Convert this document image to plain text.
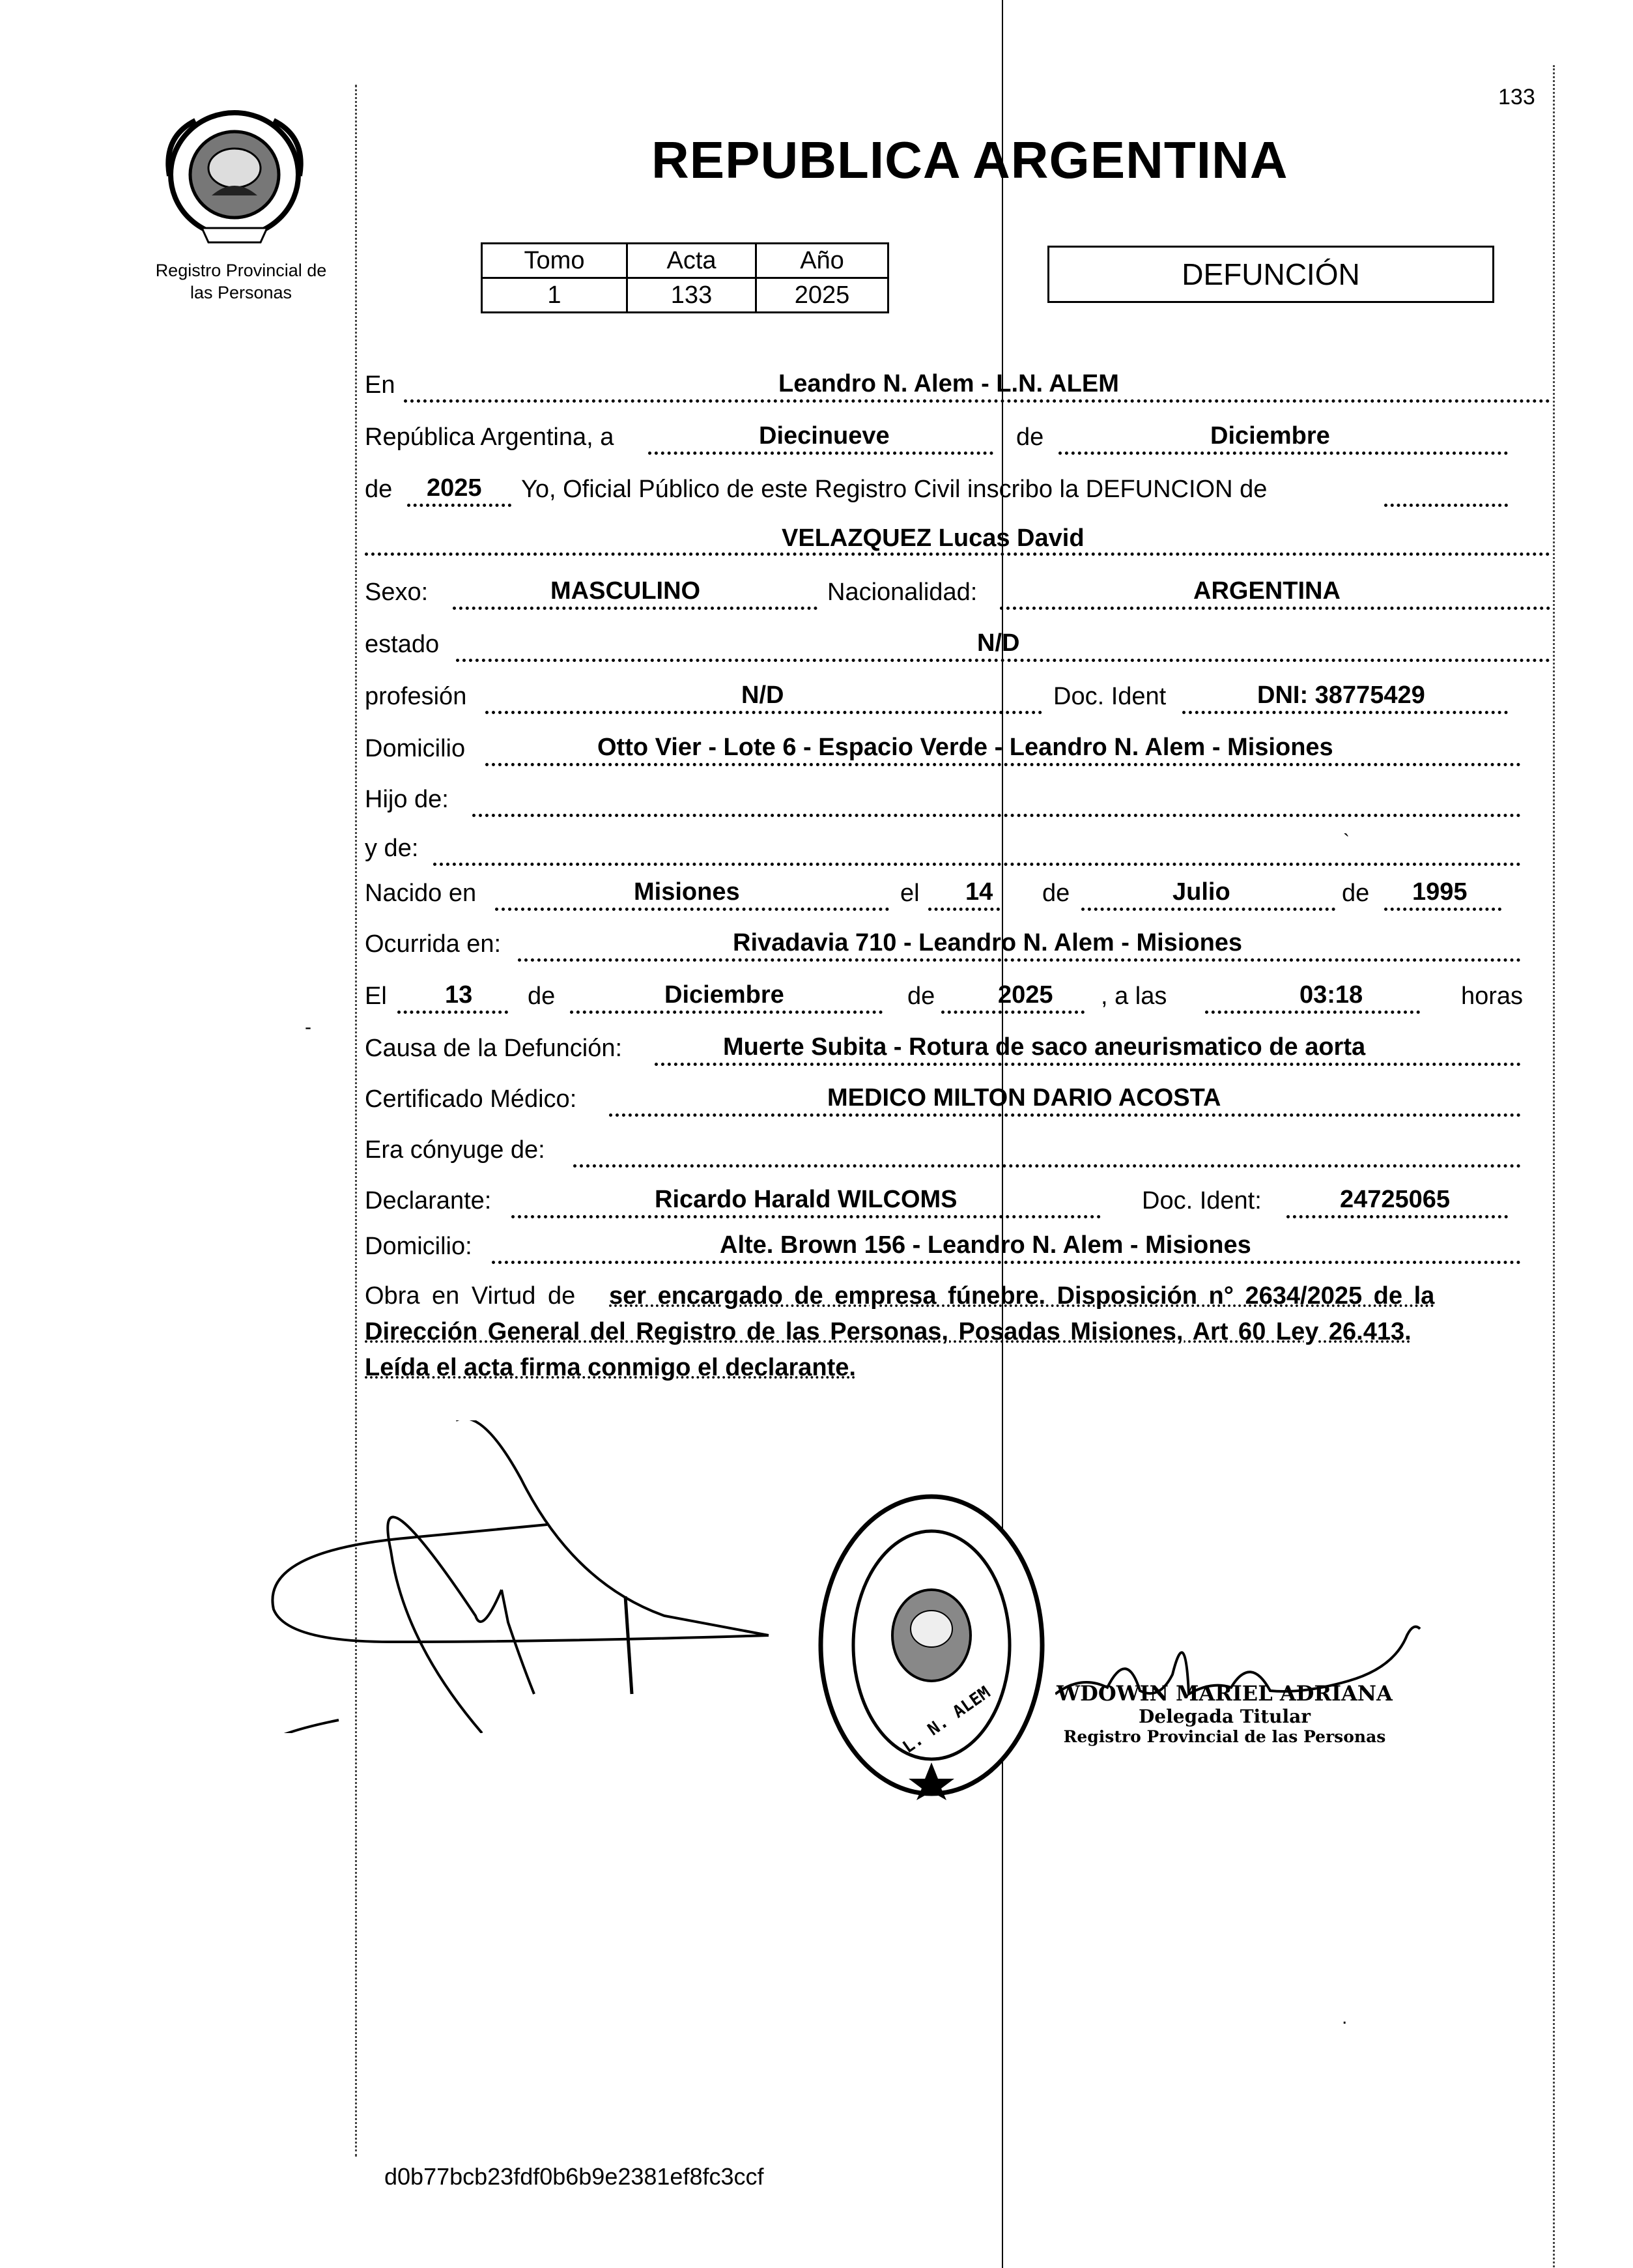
Registro Provincial de
las Personas
133
REPUBLICA ARGENTINA
Tomo	Acta	Año
1	133	2025
DEFUNCIÓN
En	Leandro N. Alem - L.N. ALEM
República Argentina, a	Diecinueve	de	Diciembre
de 2025 Yo, Oficial Público de este Registro Civil inscribo la DEFUNCION de
VELAZQUEZ Lucas David
Sexo:	MASCULINO	Nacionalidad:	ARGENTINA
estado	N/D
profesión	N/D	Doc. Ident	DNI: 38775429
Domicilio	Otto Vier - Lote 6 - Espacio Verde - Leandro N. Alem - Misiones
Hijo de:
y de:
Nacido en	Misiones	el 14 de	Julio	de 1995
Ocurrida en:	Rivadavia 710 - Leandro N. Alem - Misiones
El 13 de	Diciembre	de	2025 , a las	03:18	horas
Causa de la Defunción:	Muerte Subita - Rotura de saco aneurismatico de aorta
Certificado Médico:	MEDICO MILTON DARIO ACOSTA
Era cónyuge de:
Declarante:	Ricardo Harald WILCOMS	Doc. Ident:	24725065
Domicilio:	Alte. Brown 156 - Leandro N. Alem - Misiones
Obra en Virtud de ser encargado de empresa fúnebre. Disposición n° 2634/2025 de la
Dirección General del Registro de las Personas, Posadas Misiones, Art 60 Ley 26.413.
Leída el acta firma conmigo el declarante.
L. N. ALEM	WDOWIN MARIEL ADRIANA
Delegada Titular
Registro Provincial de las Personas
-
`
.
d0b77bcb23fdf0b6b9e2381ef8fc3ccf
